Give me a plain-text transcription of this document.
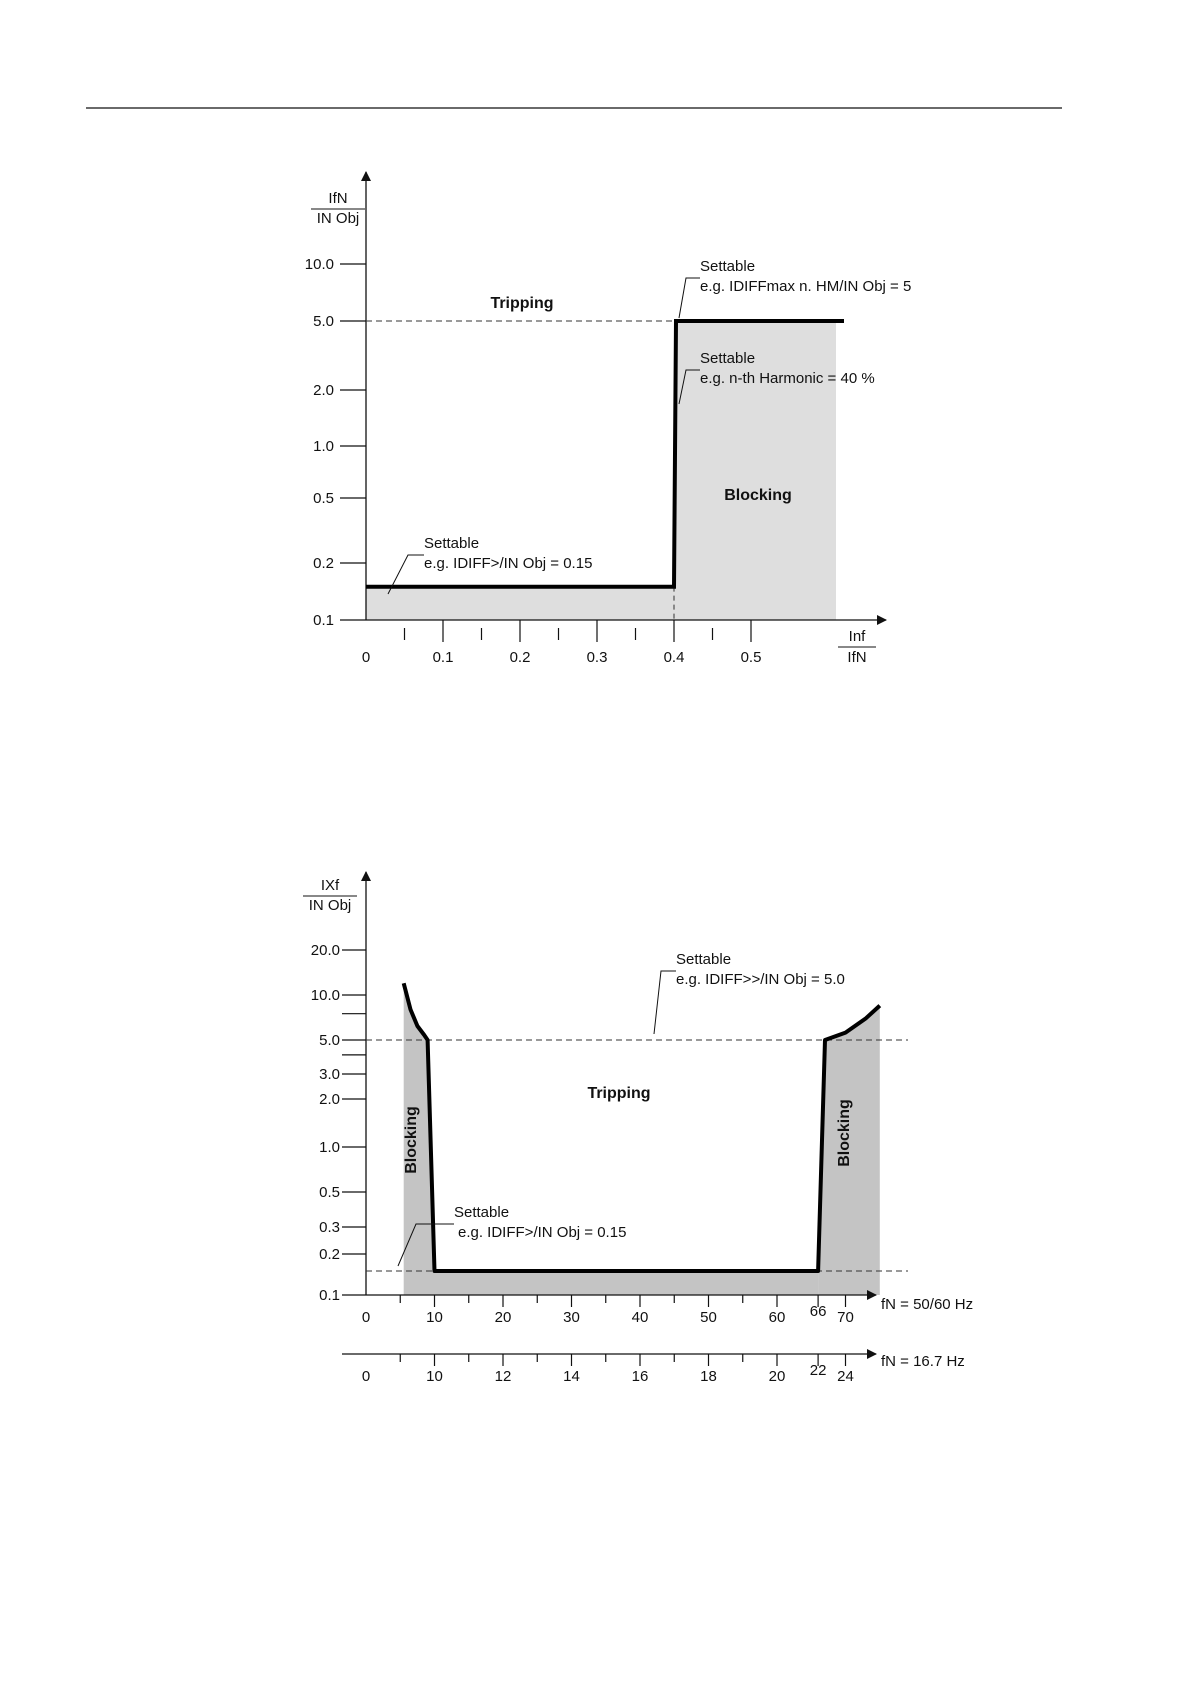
10.0
5.0
2.0
1.0
0.5
0.2
0.1
0	0.1	0.2	0.3	0.4	0.5
IfN
IN Obj
Inf
IfN
Tripping
Blocking
Settable
e.g. IDIFFmax n. HM/IN Obj = 5
Settable
e.g. n-th Harmonic = 40 %
Settable
e.g. IDIFF>/IN Obj = 0.15
20.0
10.0
5.0
3.0
2.0
1.0
0.5
0.3
0.2
0.1
0	10	20	30	40	50	60 66 70
0	10	12	14	16	18	20 22 24
IXf
IN Obj
fN = 50/60 Hz
fN = 16.7 Hz
Tripping
Blocking	Blocking
Settable
e.g. IDIFF>>/IN Obj = 5.0
Settable
e.g. IDIFF>/IN Obj = 0.15
